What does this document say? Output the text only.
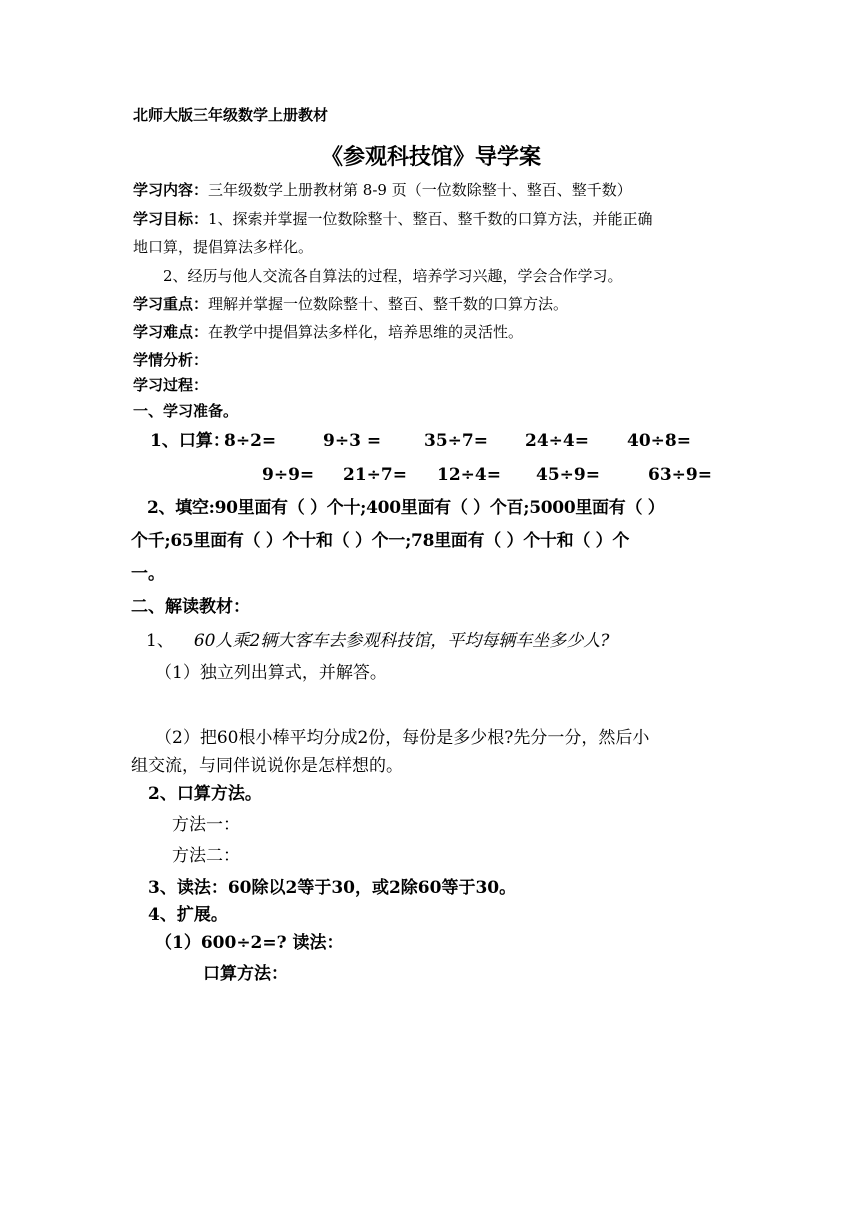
北师大版三年级数学上册教材
《参观科技馆》导学案
学习内容：三年级数学上册教材第 8-9 页（一位数除整十、整百、整千数）
学习目标：1、探索并掌握一位数除整十、整百、整千数的口算方法，并能正确
地口算，提倡算法多样化。
2、经历与他人交流各自算法的过程，培养学习兴趣，学会合作学习。
学习重点：理解并掌握一位数除整十、整百、整千数的口算方法。
学习难点：在教学中提倡算法多样化，培养思维的灵活性。
学情分析：
学习过程：
一、学习准备。
1、口算：
8÷2=	9÷3 =	35÷7= 24÷4= 40÷8=
9÷9= 21÷7= 12÷4= 45÷9=	63÷9=
2、填空:90里面有（ ）个十;400里面有（ ）个百;5000里面有（ ）
个千;65里面有（ ）个十和（ ）个一;78里面有（ ）个十和（ ）个
一。
二、解读教材：
1、 60人乘2辆大客车去参观科技馆，平均每辆车坐多少人?
（1）独立列出算式，并解答。
（2）把60根小棒平均分成2份，每份是多少根?先分一分，然后小
组交流，与同伴说说你是怎样想的。
2、口算方法。
方法一：
方法二：
3、读法：60除以2等于30，或2除60等于30。
4、扩展。
（1）600÷2=? 读法：
口算方法：
